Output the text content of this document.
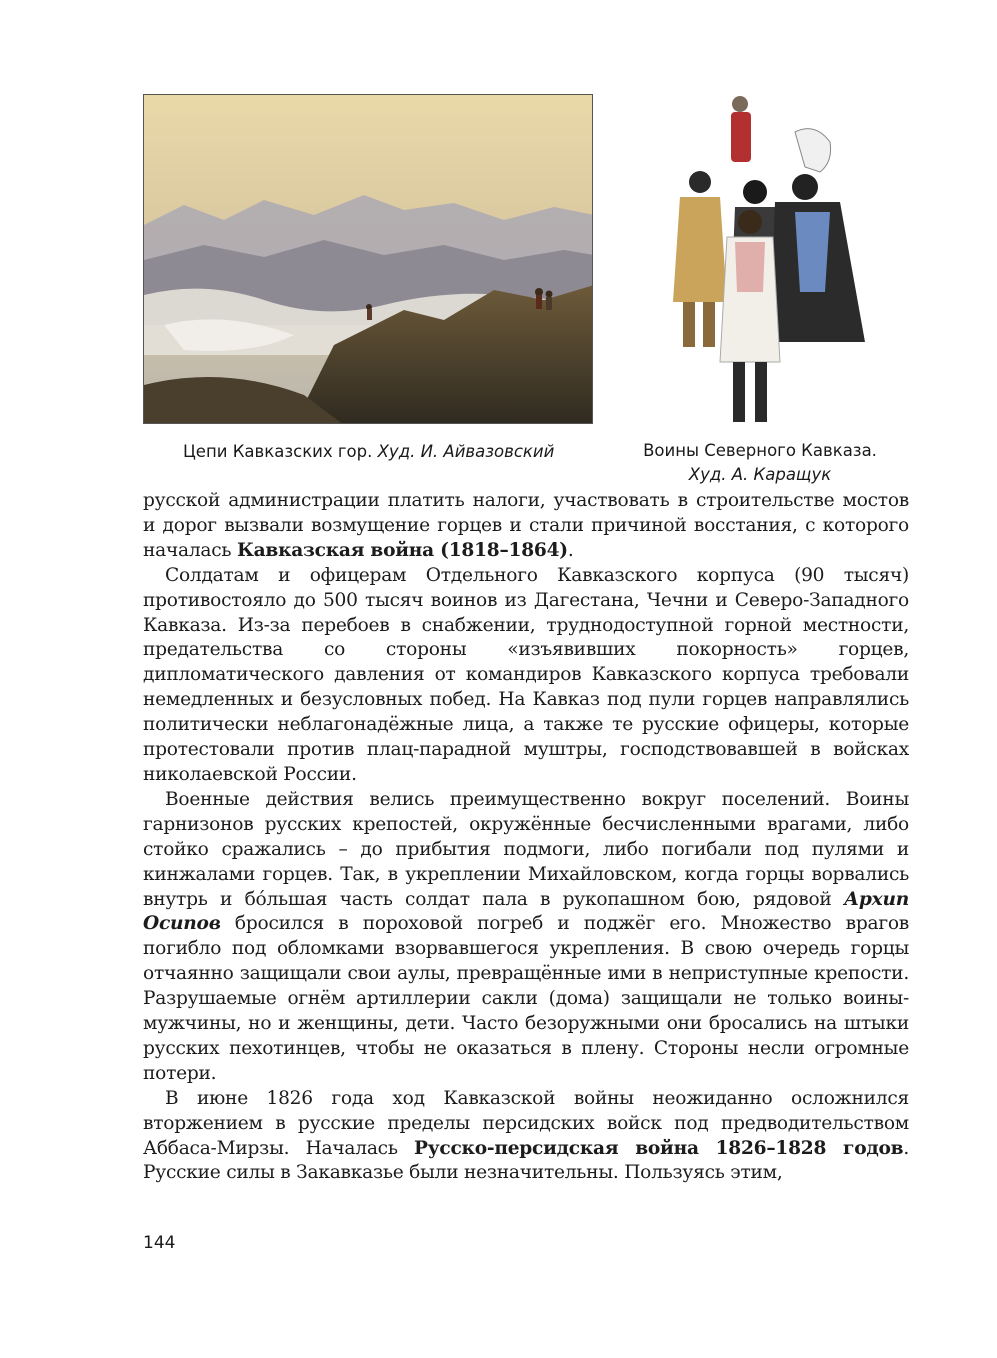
Цепи Кавказских гор. Худ. И. Айвазовский	Воины Северного Кавказа.
Худ. А. Каращук

русской администрации платить налоги, участвовать в строительстве мостов и дорог вызвали возмущение горцев и стали причиной восстания, с которого началась Кавказская война (1818–1864).

Солдатам и офицерам Отдельного Кавказского корпуса (90 тысяч) противостояло до 500 тысяч воинов из Дагестана, Чечни и Северо-Западного Кавказа. Из-за перебоев в снабжении, труднодоступной горной местности, предательства со стороны «изъявивших покорность» горцев, дипломатического давления от командиров Кавказского корпуса требовали немедленных и безусловных побед. На Кавказ под пули горцев направлялись политически неблагонадёжные лица, а также те русские офицеры, которые протестовали против плац-парадной муштры, господствовавшей в войсках николаевской России.

Военные действия велись преимущественно вокруг поселений. Воины гарнизонов русских крепостей, окружённые бесчисленными врагами, либо стойко сражались – до прибытия подмоги, либо погибали под пулями и кинжалами горцев. Так, в укреплении Михайловском, когда горцы ворвались внутрь и бо́льшая часть солдат пала в рукопашном бою, рядовой Архип Осипов бросился в пороховой погреб и поджёг его. Множество врагов погибло под обломками взорвавшегося укрепления. В свою очередь горцы отчаянно защищали свои аулы, превращённые ими в неприступные крепости. Разрушаемые огнём артиллерии сакли (дома) защищали не только воины-мужчины, но и женщины, дети. Часто безоружными они бросались на штыки русских пехотинцев, чтобы не оказаться в плену. Стороны несли огромные потери.

В июне 1826 года ход Кавказской войны неожиданно осложнился вторжением в русские пределы персидских войск под предводительством Аббаса-Мирзы. Началась Русско-персидская война 1826–1828 годов. Русские силы в Закавказье были незначительны. Пользуясь этим,

144
